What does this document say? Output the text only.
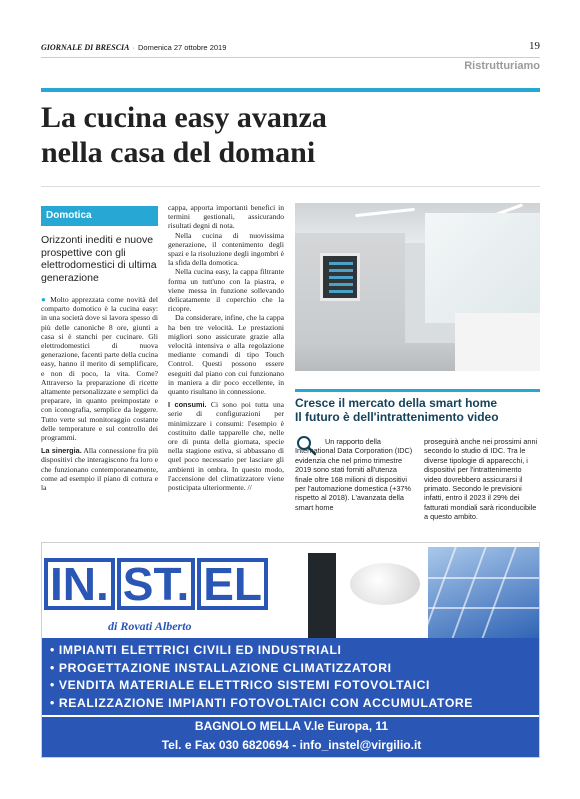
GIORNALE DI BRESCIA · Domenica 27 ottobre 2019	19
Ristrutturiamo
La cucina easy avanza
nella casa del domani
Domotica
Orizzonti inediti e nuove prospettive con gli elettrodomestici di ultima generazione

● Molto apprezzata come novità del comparto domotico è la cucina easy: in una società dove si lavora spesso di più delle canoniche 8 ore, giunti a casa si è stanchi per cucinare. Gli elettrodomestici di nuova generazione, facenti parte della cucina easy, hanno il merito di semplificare, e non di poco, la vita. Come? Attraverso la preparazione di ricette altamente personalizzate e semplici da preparare, in quanto preimpostate e con iconografia, semplice da leggere. Tutto verte sul monitoraggio costante delle temperature e sul controllo dei programmi.

La sinergia. Alla connessione fra più dispositivi che interagiscono fra loro e che funzionano contemporaneamente, come ad esempio il piano di cottura e la

cappa, apporta importanti benefici in termini gestionali, assicurando risultati degni di nota.

Nella cucina di nuovissima generazione, il contenimento degli spazi e la risoluzione degli ingombri è la sfida della domotica.

Nella cucina easy, la cappa filtrante forma un tutt'uno con la piastra, e viene messa in funzione sollevando delicatamente il coperchio che la ricopre.

Da considerare, infine, che la cappa ha ben tre velocità. Le prestazioni migliori sono assicurate grazie alla velocità intensiva e alla regolazione mediante comandi di tipo Touch Control. Questi possono essere eseguiti dal piano con cui funzionano in maniera a dir poco eccellente, in quanto risultano in connessione.

I consumi. Ci sono poi tutta una serie di configurazioni per minimizzare i consumi: l'esempio è costituito dalle tapparelle che, nelle ore di punta della giornata, specie nella stagione estiva, si abbassano di quel poco necessario per lasciare gli ambienti in ombra. In questo modo, l'accensione del climatizzatore viene posticipata ulteriormente. //

Cresce il mercato della smart home
Il futuro è dell'intrattenimento video
Un rapporto della International Data Corporation (IDC) evidenzia che nel primo trimestre 2019 sono stati forniti all'utenza finale oltre 168 milioni di dispositivi per l'automazione domestica (+37% rispetto al 2018). L'avanzata della smart home
proseguirà anche nei prossimi anni secondo lo studio di IDC. Tra le diverse tipologie di apparecchi, i dispositivi per l'intrattenimento video dovrebbero assicurarsi il primato. Secondo le previsioni infatti, entro il 2023 il 29% dei fatturati mondiali sarà riconducibile a questo ambito.
IN. ST. EL
di Rovati Alberto
• IMPIANTI ELETTRICI CIVILI ED INDUSTRIALI
• PROGETTAZIONE INSTALLAZIONE CLIMATIZZATORI
• VENDITA MATERIALE ELETTRICO SISTEMI FOTOVOLTAICI
• REALIZZAZIONE IMPIANTI FOTOVOLTAICI CON ACCUMULATORE
BAGNOLO MELLA V.le Europa, 11
Tel. e Fax 030 6820694 - info_instel@virgilio.it
